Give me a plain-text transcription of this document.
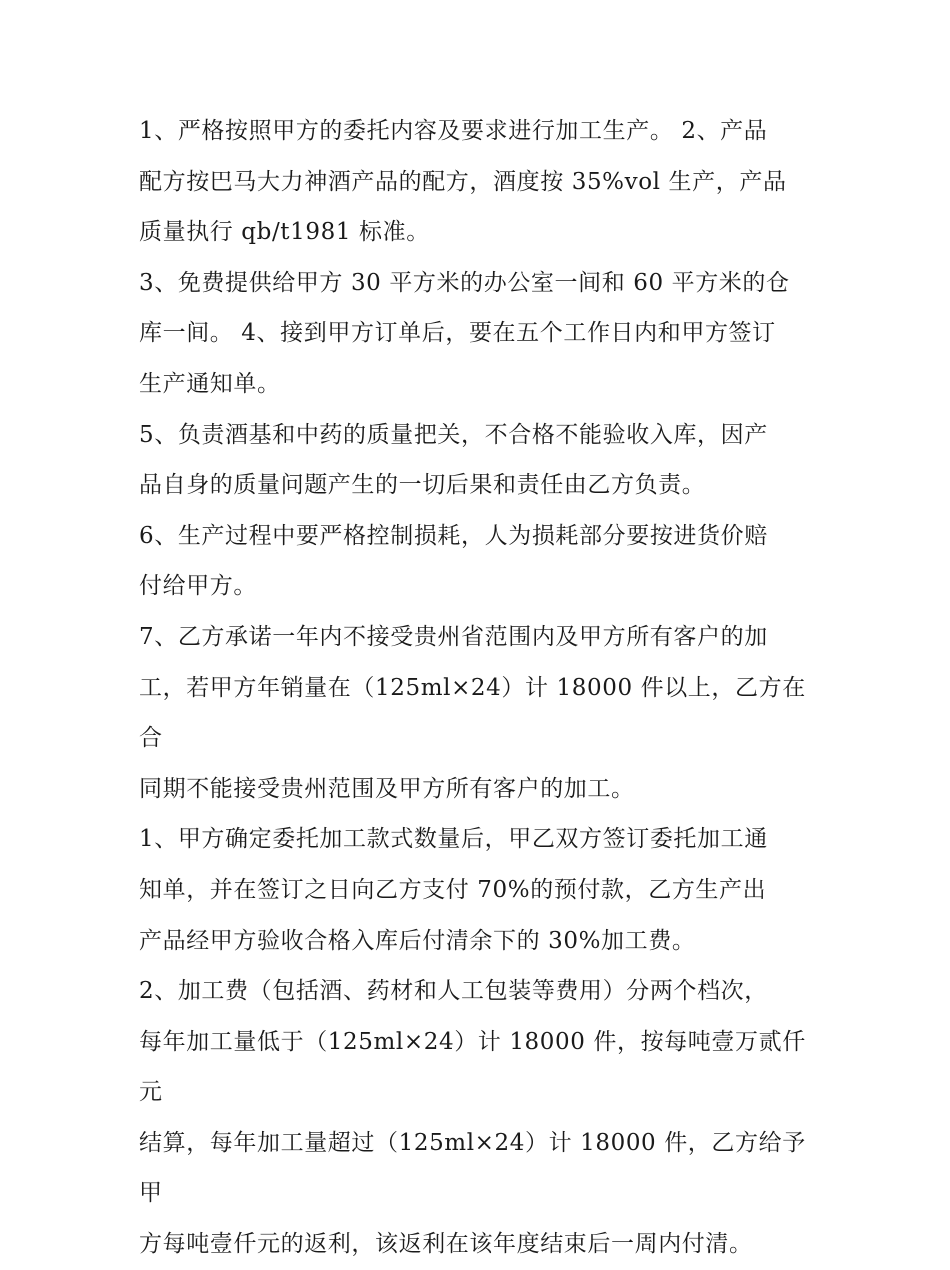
1、严格按照甲方的委托内容及要求进行加工生产。 2、产品

配方按巴马大力神酒产品的配方，酒度按 35%vol 生产，产品

质量执行 qb/t1981 标准。

3、免费提供给甲方 30 平方米的办公室一间和 60 平方米的仓

库一间。 4、接到甲方订单后，要在五个工作日内和甲方签订

生产通知单。

5、负责酒基和中药的质量把关，不合格不能验收入库，因产

品自身的质量问题产生的一切后果和责任由乙方负责。

6、生产过程中要严格控制损耗，人为损耗部分要按进货价赔

付给甲方。

7、乙方承诺一年内不接受贵州省范围内及甲方所有客户的加

工，若甲方年销量在（125ml×24）计 18000 件以上，乙方在合

同期不能接受贵州范围及甲方所有客户的加工。

1、甲方确定委托加工款式数量后，甲乙双方签订委托加工通

知单，并在签订之日向乙方支付 70%的预付款，乙方生产出

产品经甲方验收合格入库后付清余下的 30%加工费。

2、加工费（包括酒、药材和人工包装等费用）分两个档次，

每年加工量低于（125ml×24）计 18000 件，按每吨壹万贰仟元

结算，每年加工量超过（125ml×24）计 18000 件，乙方给予甲

方每吨壹仟元的返利，该返利在该年度结束后一周内付清。
